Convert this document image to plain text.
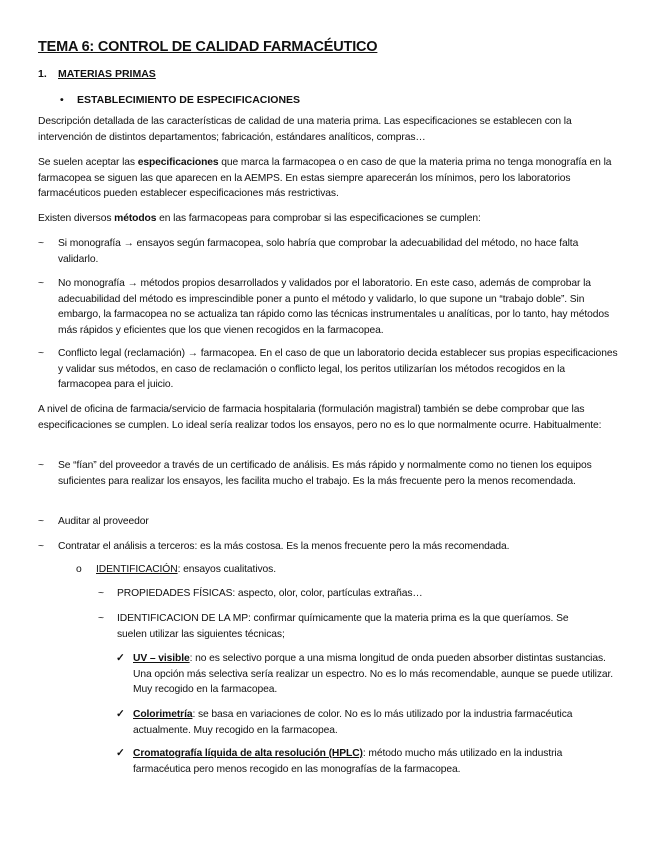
TEMA 6: CONTROL DE CALIDAD FARMACÉUTICO
1. MATERIAS PRIMAS
• ESTABLECIMIENTO DE ESPECIFICACIONES
Descripción detallada de las características de calidad de una materia prima. Las especificaciones se establecen con la intervención de distintos departamentos; fabricación, estándares analíticos, compras…
Se suelen aceptar las especificaciones que marca la farmacopea o en caso de que la materia prima no tenga monografía en la farmacopea se siguen las que aparecen en la AEMPS. En estas siempre aparecerán los mínimos, pero los laboratorios farmacéuticos pueden establecer especificaciones más restrictivas.
Existen diversos métodos en las farmacopeas para comprobar si las especificaciones se cumplen:
~ Si monografía → ensayos según farmacopea, solo habría que comprobar la adecuabilidad del método, no hace falta validarlo.
~ No monografía → métodos propios desarrollados y validados por el laboratorio. En este caso, además de comprobar la adecuabilidad del método es imprescindible poner a punto el método y validarlo, lo que supone un “trabajo doble”. Sin embargo, la farmacopea no se actualiza tan rápido como las técnicas instrumentales u analíticas, por lo tanto, hay métodos más rápidos y eficientes que los que vienen recogidos en la farmacopea.
~ Conflicto legal (reclamación) → farmacopea. En el caso de que un laboratorio decida establecer sus propias especificaciones y validar sus métodos, en caso de reclamación o conflicto legal, los peritos utilizarían los métodos recogidos en la farmacopea para el juicio.
A nivel de oficina de farmacia/servicio de farmacia hospitalaria (formulación magistral) también se debe comprobar que las especificaciones se cumplen. Lo ideal sería realizar todos los ensayos, pero no es lo que normalmente ocurre. Habitualmente:
~ Se “fían” del proveedor a través de un certificado de análisis. Es más rápido y normalmente como no tienen los equipos suficientes para realizar los ensayos, les facilita mucho el trabajo. Es la más frecuente pero la menos recomendada.
~ Auditar al proveedor
~ Contratar el análisis a terceros: es la más costosa. Es la menos frecuente pero la más recomendada.
o IDENTIFICACIÓN: ensayos cualitativos.
~ PROPIEDADES FÍSICAS: aspecto, olor, color, partículas extrañas…
~ IDENTIFICACION DE LA MP: confirmar químicamente que la materia prima es la que queríamos. Se suelen utilizar las siguientes técnicas;
✓ UV – visible: no es selectivo porque a una misma longitud de onda pueden absorber distintas sustancias. Una opción más selectiva sería realizar un espectro. No es lo más recomendable, aunque se puede utilizar. Muy recogido en la farmacopea.
✓ Colorimetría: se basa en variaciones de color. No es lo más utilizado por la industria farmacéutica actualmente. Muy recogido en la farmacopea.
✓ Cromatografía líquida de alta resolución (HPLC): método mucho más utilizado en la industria farmacéutica pero menos recogido en las monografías de la farmacopea.
